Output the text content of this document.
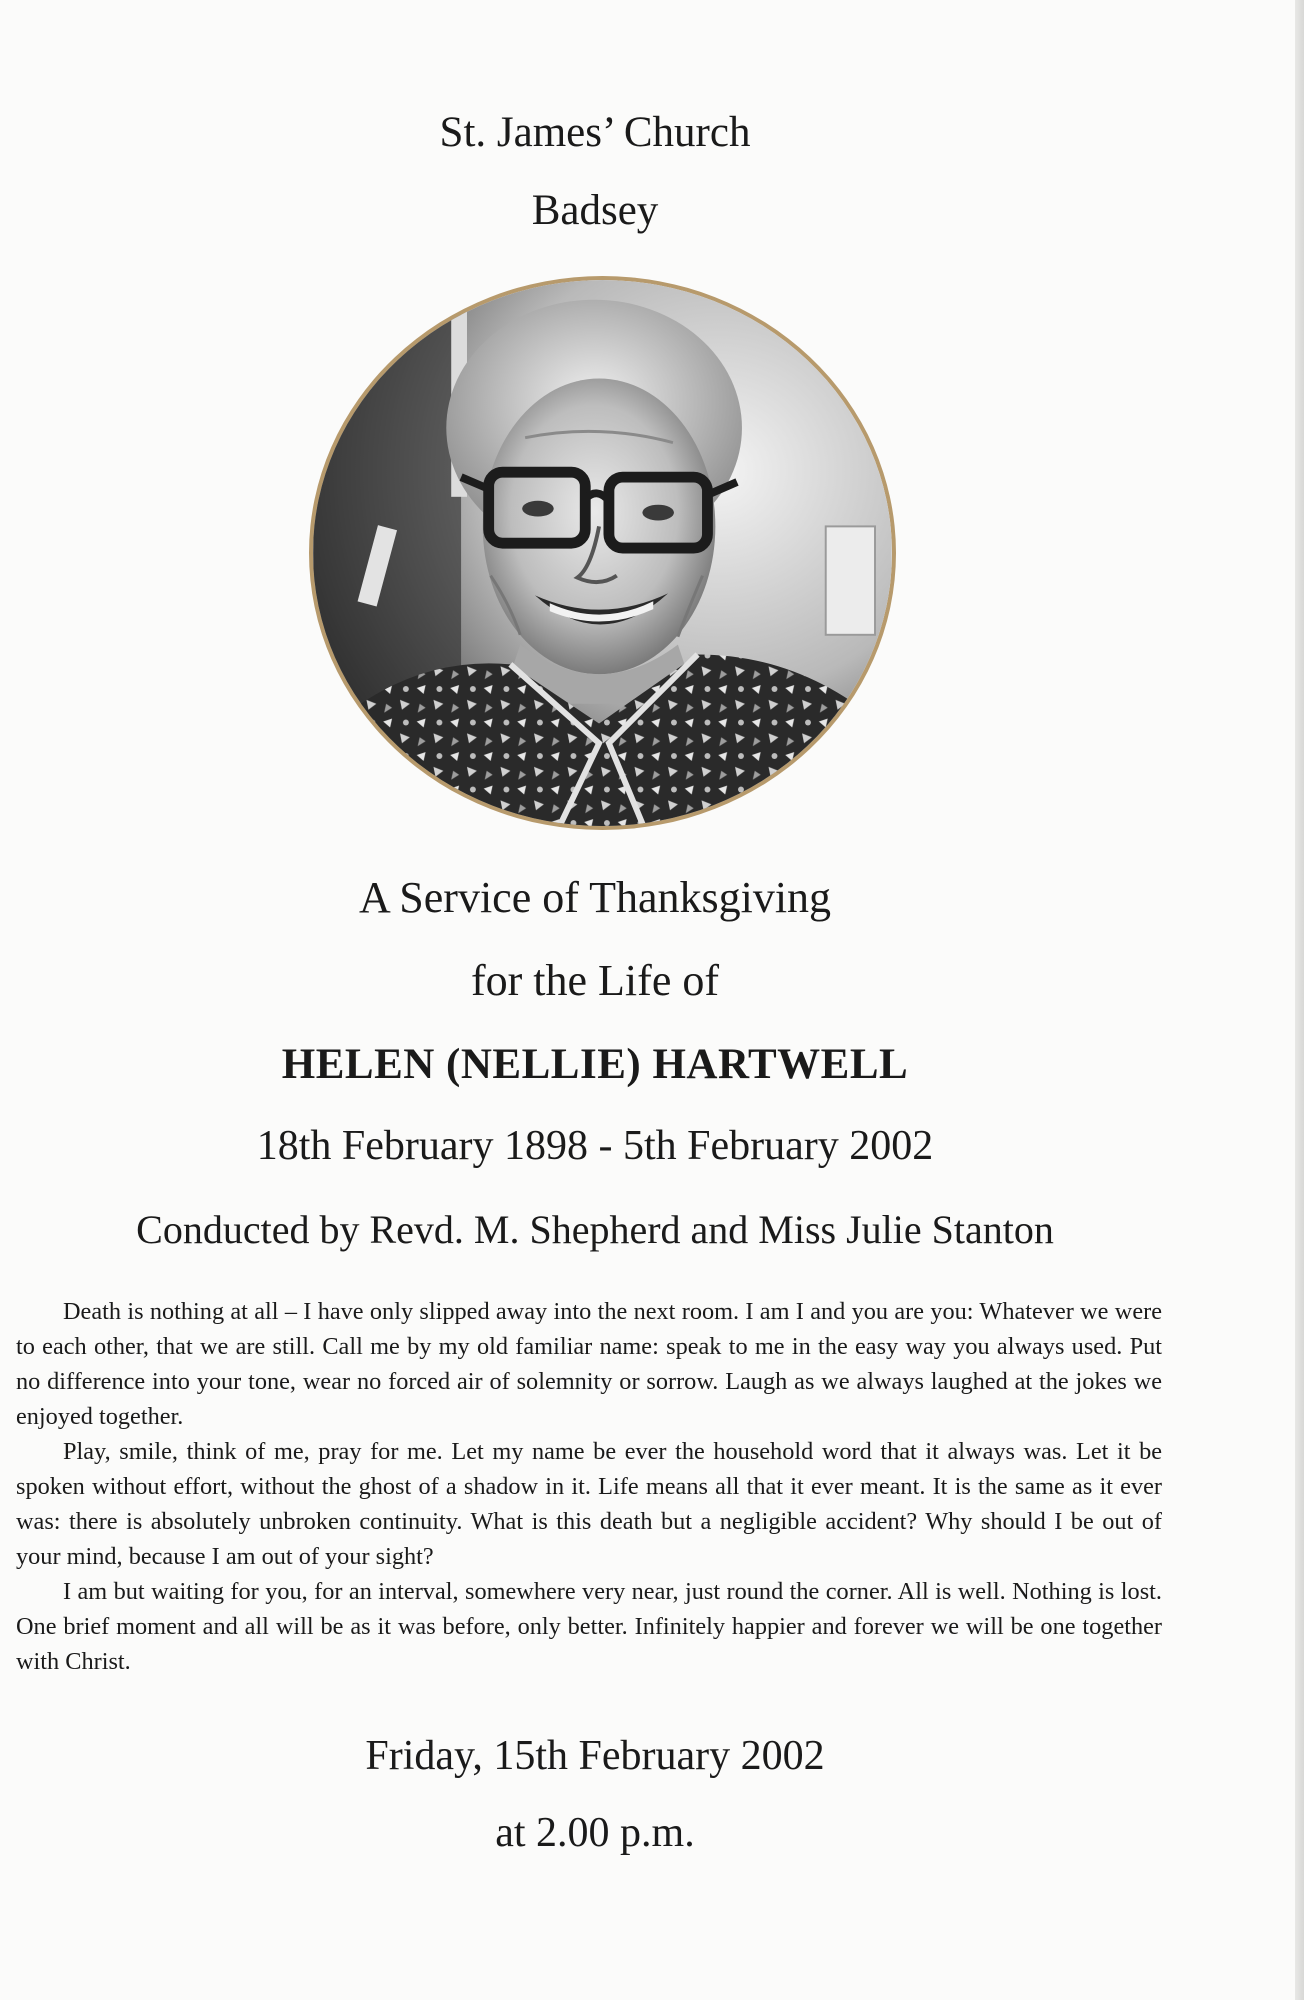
St. James’ Church
Badsey
A Service of Thanksgiving
for the Life of
HELEN (NELLIE) HARTWELL
18th February 1898 - 5th February 2002
Conducted by Revd. M. Shepherd and Miss Julie Stanton

Death is nothing at all – I have only slipped away into the next room. I am I and you are you: Whatever we were to each other, that we are still. Call me by my old familiar name: speak to me in the easy way you always used. Put no difference into your tone, wear no forced air of solemnity or sorrow. Laugh as we always laughed at the jokes we enjoyed together.

Play, smile, think of me, pray for me. Let my name be ever the household word that it always was. Let it be spoken without effort, without the ghost of a shadow in it. Life means all that it ever meant. It is the same as it ever was: there is absolutely unbroken continuity. What is this death but a negligible accident? Why should I be out of your mind, because I am out of your sight?

I am but waiting for you, for an interval, somewhere very near, just round the corner. All is well. Nothing is lost. One brief moment and all will be as it was before, only better. Infinitely happier and forever we will be one together with Christ.

Friday, 15th February 2002
at 2.00 p.m.
